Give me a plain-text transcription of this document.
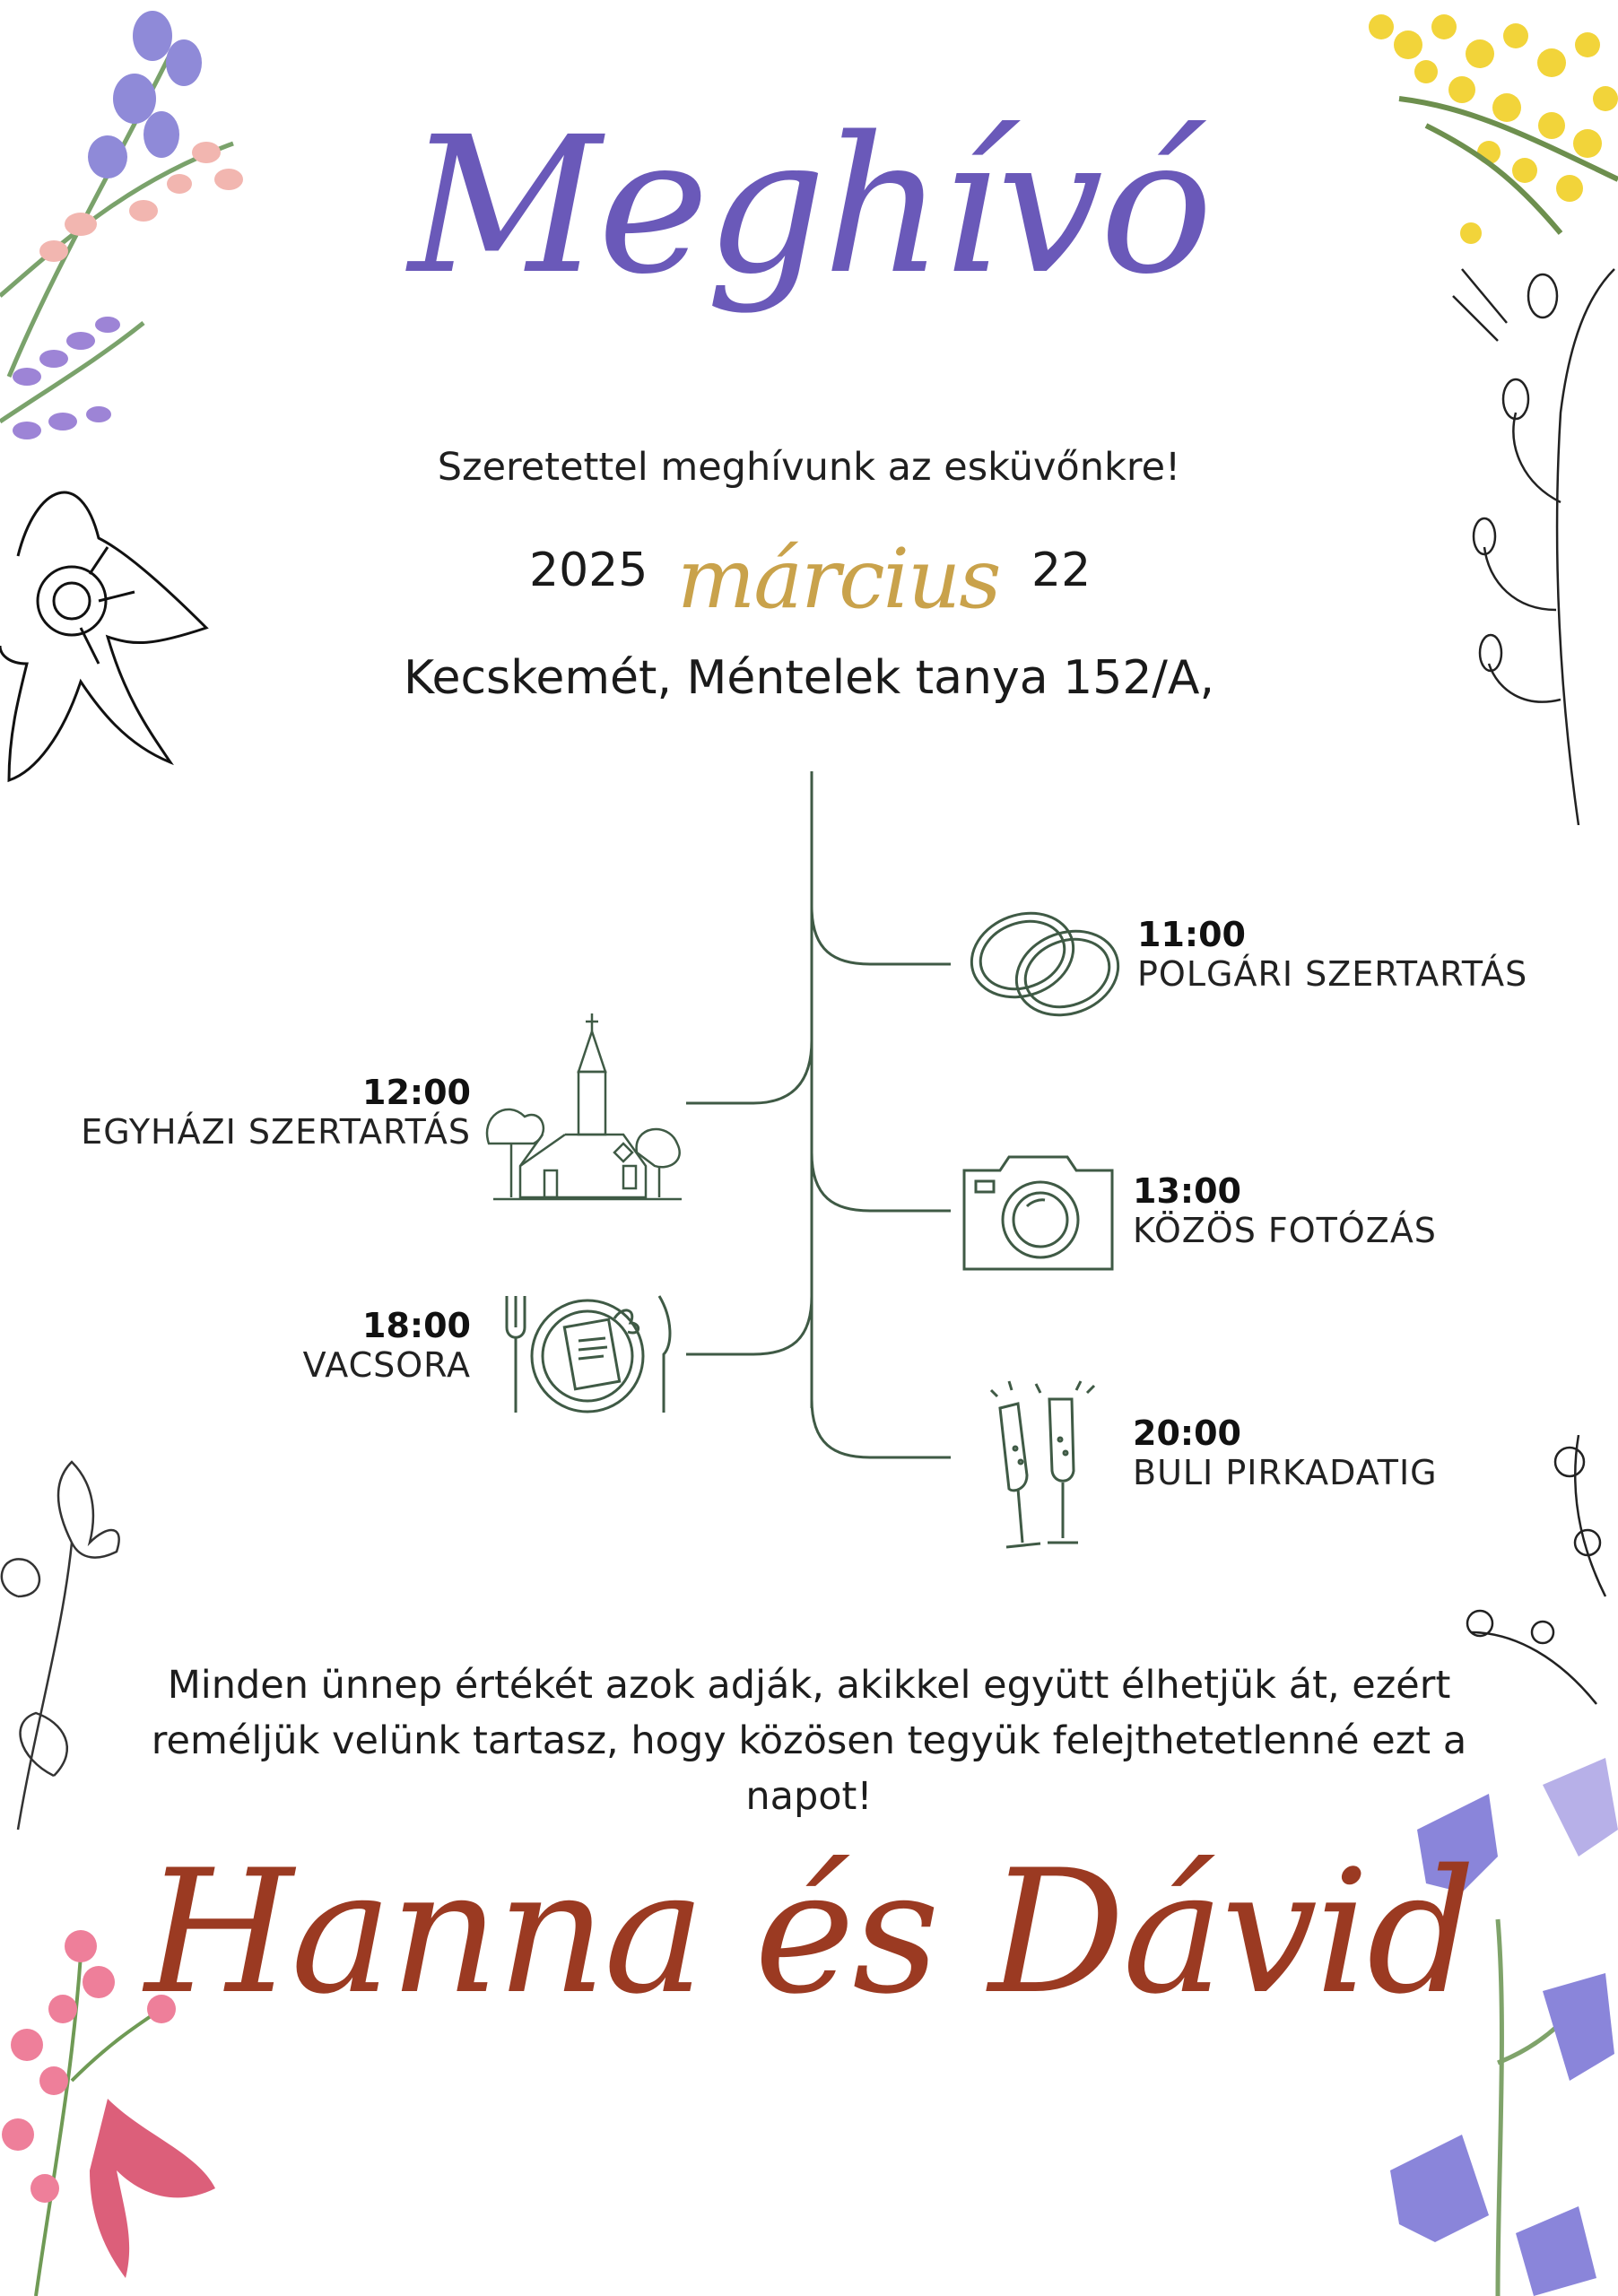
Meghívó
Szeretettel meghívunk az esküvőnkre!
2025 március 22
Kecskemét, Méntelek tanya 152/A,
11:00
POLGÁRI SZERTARTÁS
12:00
EGYHÁZI SZERTARTÁS
13:00
KÖZÖS FOTÓZÁS
18:00
VACSORA
20:00
BULI PIRKADATIG
Minden ünnep értékét azok adják, akikkel együtt élhetjük át, ezért reméljük velünk tartasz, hogy közösen tegyük felejthetetlenné ezt a napot!
Hanna és Dávid
